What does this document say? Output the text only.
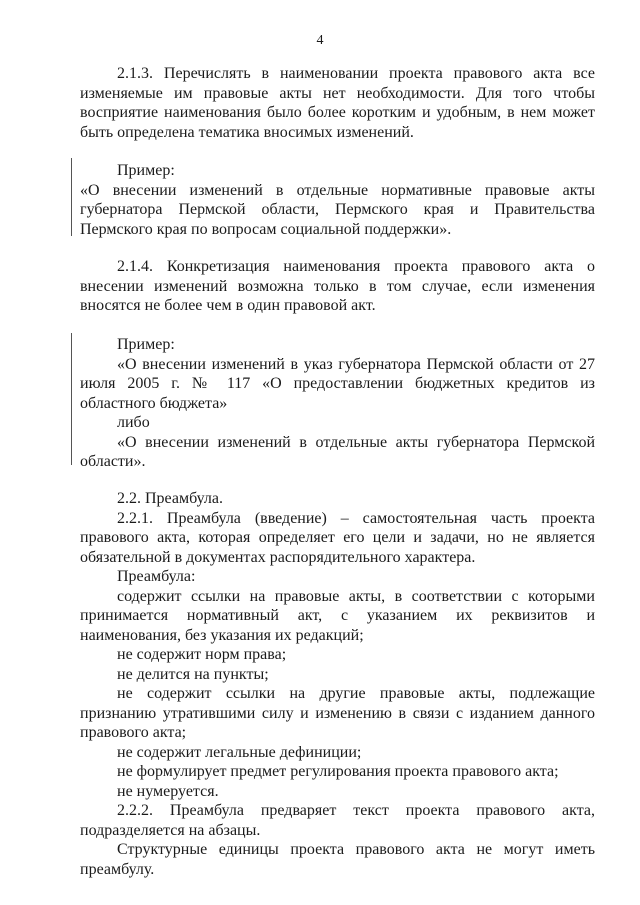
4

2.1.3. Перечислять в наименовании проекта правового акта все изменяемые им правовые акты нет необходимости. Для того чтобы восприятие наименования было более коротким и удобным, в нем может быть определена тематика вносимых изменений.

Пример:

«О внесении изменений в отдельные нормативные правовые акты губернатора Пермской области, Пермского края и Правительства Пермского края по вопросам социальной поддержки».

2.1.4. Конкретизация наименования проекта правового акта о внесении изменений возможна только в том случае, если изменения вносятся не более чем в один правовой акт.

Пример:

«О внесении изменений в указ губернатора Пермской области от 27 июля 2005 г. № 117 «О предоставлении бюджетных кредитов из областного бюджета»

либо

«О внесении изменений в отдельные акты губернатора Пермской области».

2.2. Преамбула.

2.2.1. Преамбула (введение) – самостоятельная часть проекта правового акта, которая определяет его цели и задачи, но не является обязательной в документах распорядительного характера.

Преамбула:

содержит ссылки на правовые акты, в соответствии с которыми принимается нормативный акт, с указанием их реквизитов и наименования, без указания их редакций;

не содержит норм права;

не делится на пункты;

не содержит ссылки на другие правовые акты, подлежащие признанию утратившими силу и изменению в связи с изданием данного правового акта;

не содержит легальные дефиниции;

не формулирует предмет регулирования проекта правового акта;

не нумеруется.

2.2.2. Преамбула предваряет текст проекта правового акта, подразделяется на абзацы.

Структурные единицы проекта правового акта не могут иметь преамбулу.
